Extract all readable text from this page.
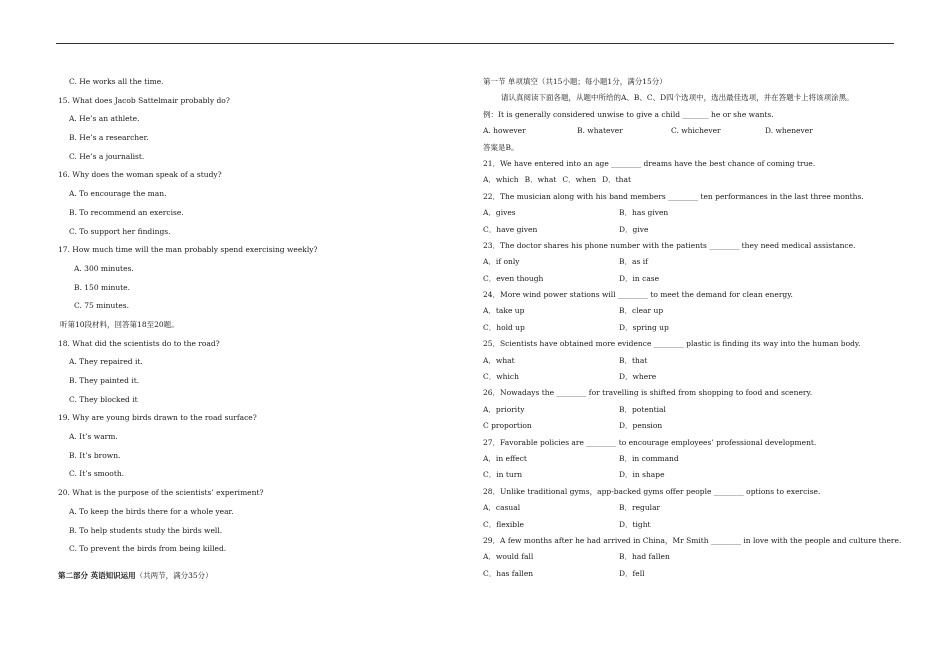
C. He works all the time.
15. What does Jacob Sattelmair probably do?
A. He’s an athlete.
B. He’s a researcher.
C. He’s a journalist.
16. Why does the woman speak of a study?
A. To encourage the man.
B. To recommend an exercise.
C. To support her findings.
17. How much time will the man probably spend exercising weekly?
A. 300 minutes.
B. 150 minute.
C. 75 minutes.
听第10段材料，回答第18至20题。
18. What did the scientists do to the road?
A. They repaired it.
B. They painted it.
C. They blocked it
19. Why are young birds drawn to the road surface?
A. It’s warm.
B. It’s brown.
C. It’s smooth.
20. What is the purpose of the scientists’ experiment?
A. To keep the birds there for a whole year.
B. To help students study the birds well.
C. To prevent the birds from being killed.
第二部分 英语知识运用（共两节，满分35分）
第一节 单项填空（共15小题；每小题1分，满分15分）
请认真阅读下面各题，从题中所给的A、B、C、D四个选项中，选出最佳选项，并在答题卡上将该项涂黑。
例：It is generally considered unwise to give a child _______ he or she wants.
A. however	B. whatever	C. whichever	D. whenever
答案是B。
21．We have entered into an age ________ dreams have the best chance of coming true.
A．which B．what C．when D．that
22．The musician along with his band members ________ ten performances in the last three months.
A．gives	B．has given
C．have given	D．give
23．The doctor shares his phone number with the patients ________ they need medical assistance.
A．if only	B．as if
C．even though	D．in case
24．More wind power stations will ________ to meet the demand for clean energy.
A．take up	B．clear up
C．hold up	D．spring up
25．Scientists have obtained more evidence ________ plastic is finding its way into the human body.
A．what	B．that
C．which	D．where
26．Nowadays the ________ for travelling is shifted from shopping to food and scenery.
A．priority	B．potential
C proportion	D．pension
27．Favorable policies are ________ to encourage employees’ professional development.
A．in effect	B．in command
C．in turn	D．in shape
28．Unlike traditional gyms，app-backed gyms offer people ________ options to exercise.
A．casual	B．regular
C．flexible	D．tight
29．A few months after he had arrived in China，Mr Smith ________ in love with the people and culture there.
A．would fall	B．had fallen
C．has fallen	D．fell
